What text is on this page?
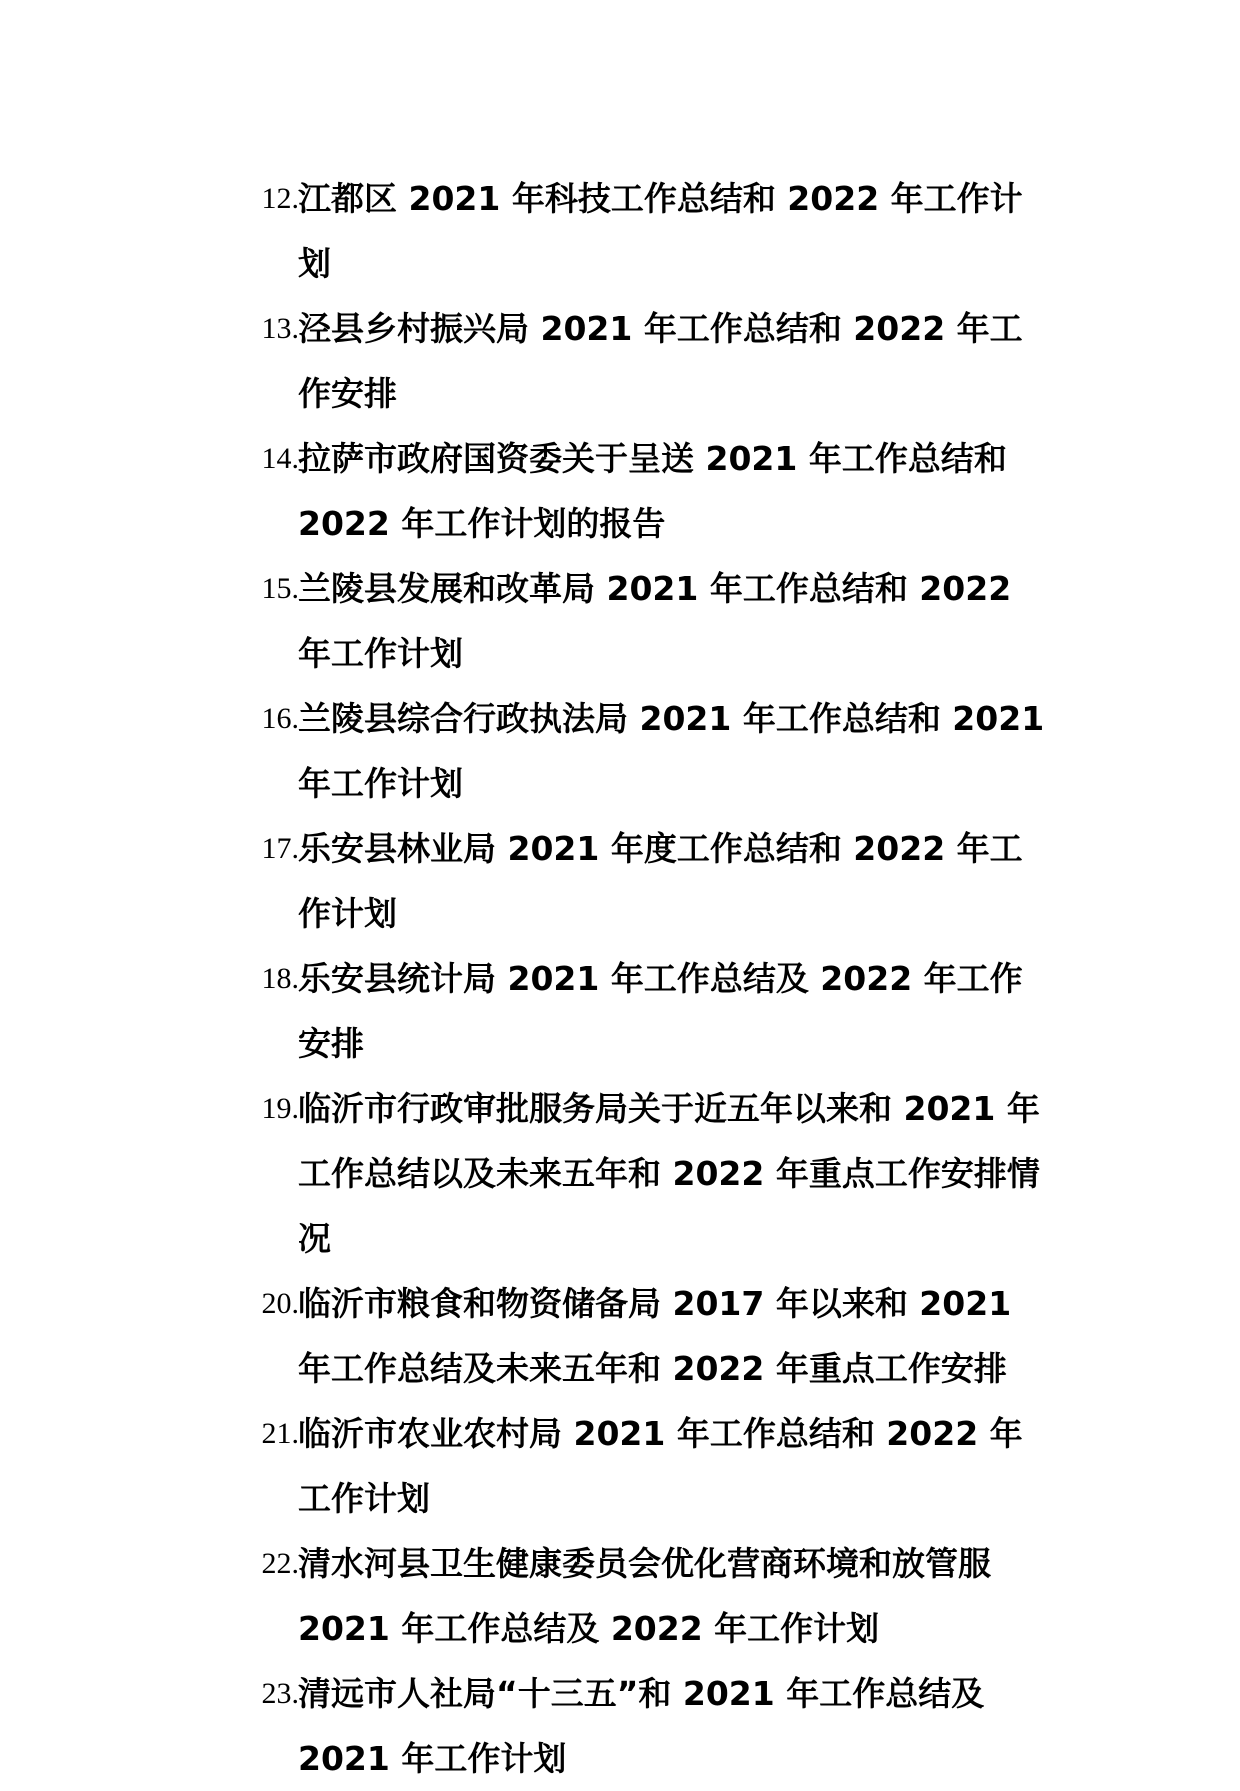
12. 江都区 2021 年科技工作总结和 2022 年工作计划
13. 泾县乡村振兴局 2021 年工作总结和 2022 年工作安排
14. 拉萨市政府国资委关于呈送 2021 年工作总结和 2022 年工作计划的报告
15. 兰陵县发展和改革局 2021 年工作总结和 2022 年工作计划
16. 兰陵县综合行政执法局 2021 年工作总结和 2021 年工作计划
17. 乐安县林业局 2021 年度工作总结和 2022 年工作计划
18. 乐安县统计局 2021 年工作总结及 2022 年工作安排
19. 临沂市行政审批服务局关于近五年以来和 2021 年工作总结以及未来五年和 2022 年重点工作安排情况
20. 临沂市粮食和物资储备局 2017 年以来和 2021 年工作总结及未来五年和 2022 年重点工作安排
21. 临沂市农业农村局 2021 年工作总结和 2022 年工作计划
22. 清水河县卫生健康委员会优化营商环境和放管服 2021 年工作总结及 2022 年工作计划
23. 清远市人社局“十三五”和 2021 年工作总结及 2021 年工作计划
